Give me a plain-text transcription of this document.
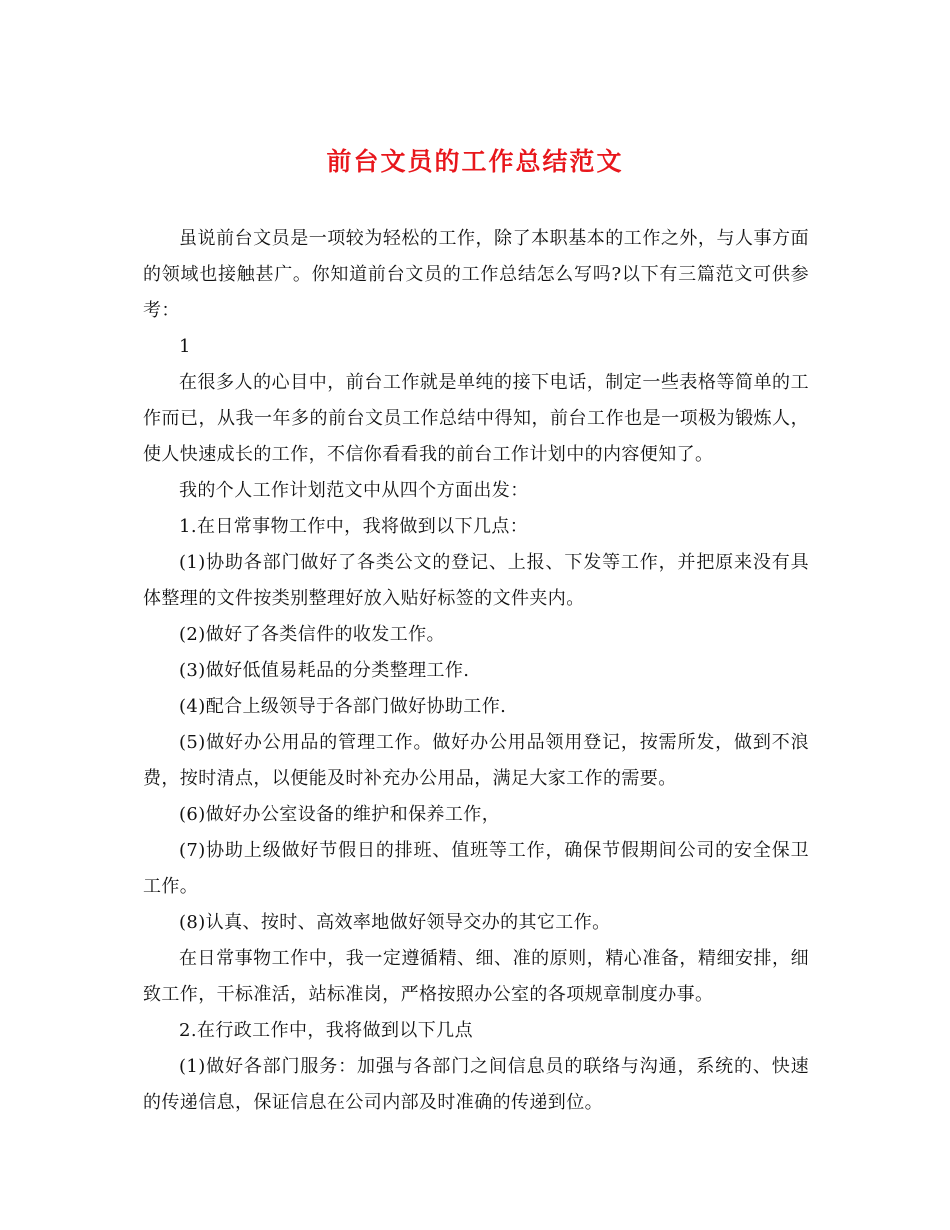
前台文员的工作总结范文

虽说前台文员是一项较为轻松的工作，除了本职基本的工作之外，与人事方面的领域也接触甚广。你知道前台文员的工作总结怎么写吗?以下有三篇范文可供参考：

1

在很多人的心目中，前台工作就是单纯的接下电话，制定一些表格等简单的工作而已，从我一年多的前台文员工作总结中得知，前台工作也是一项极为锻炼人，使人快速成长的工作，不信你看看我的前台工作计划中的内容便知了。

我的个人工作计划范文中从四个方面出发：

1.在日常事物工作中，我将做到以下几点：

(1)协助各部门做好了各类公文的登记、上报、下发等工作，并把原来没有具体整理的文件按类别整理好放入贴好标签的文件夹内。

(2)做好了各类信件的收发工作。

(3)做好低值易耗品的分类整理工作.

(4)配合上级领导于各部门做好协助工作.

(5)做好办公用品的管理工作。做好办公用品领用登记，按需所发，做到不浪费，按时清点，以便能及时补充办公用品，满足大家工作的需要。

(6)做好办公室设备的维护和保养工作，

(7)协助上级做好节假日的排班、值班等工作，确保节假期间公司的安全保卫工作。

(8)认真、按时、高效率地做好领导交办的其它工作。

在日常事物工作中，我一定遵循精、细、准的原则，精心准备，精细安排，细致工作，干标准活，站标准岗，严格按照办公室的各项规章制度办事。

2.在行政工作中，我将做到以下几点

(1)做好各部门服务：加强与各部门之间信息员的联络与沟通，系统的、快速的传递信息，保证信息在公司内部及时准确的传递到位。
